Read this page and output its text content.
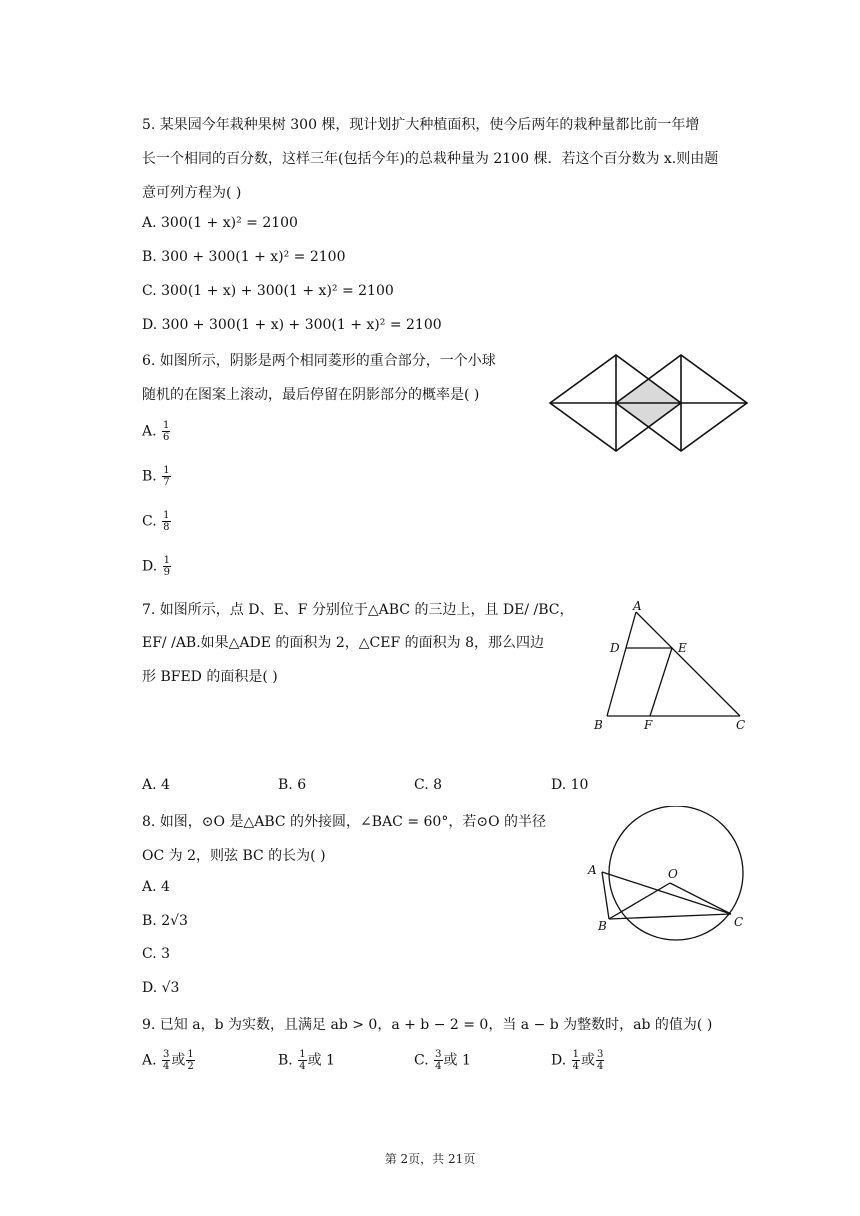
5. 某果园今年栽种果树 300 棵，现计划扩大种植面积，使今后两年的栽种量都比前一年增
长一个相同的百分数，这样三年(包括今年)的总栽种量为 2100 棵．若这个百分数为 x.则由题
意可列方程为( )
A. 300(1 + x)² = 2100
B. 300 + 300(1 + x)² = 2100
C. 300(1 + x) + 300(1 + x)² = 2100
D. 300 + 300(1 + x) + 300(1 + x)² = 2100
6. 如图所示，阴影是两个相同菱形的重合部分，一个小球
随机的在图案上滚动，最后停留在阴影部分的概率是( )
A. $\frac{1}{6}$
B. $\frac{1}{7}$
C. $\frac{1}{8}$
D. $\frac{1}{9}$
7. 如图所示，点 D、E、F 分别位于△ABC 的三边上，且 DE/ /BC，
EF/ /AB.如果△ADE 的面积为 2，△CEF 的面积为 8，那么四边
形 BFED 的面积是( )
A
D	E
B	F	C
A. 4	B. 6	C. 8	D. 10
8. 如图，⊙O 是△ABC 的外接圆，∠BAC = 60°，若⊙O 的半径
OC 为 2，则弦 BC 的长为( )
A. 4
B. 2√3
C. 3
D. √3
A	O
B	C
9. 已知 a，b 为实数，且满足 ab > 0，a + b − 2 = 0，当 a − b 为整数时，ab 的值为( )
A. $\frac{3}{4}$ 或 $\frac{1}{2}$	B. $\frac{1}{4}$ 或 1	C. $\frac{3}{4}$ 或 1	D. $\frac{1}{4}$ 或 $\frac{3}{4}$
第 2页，共 21页
